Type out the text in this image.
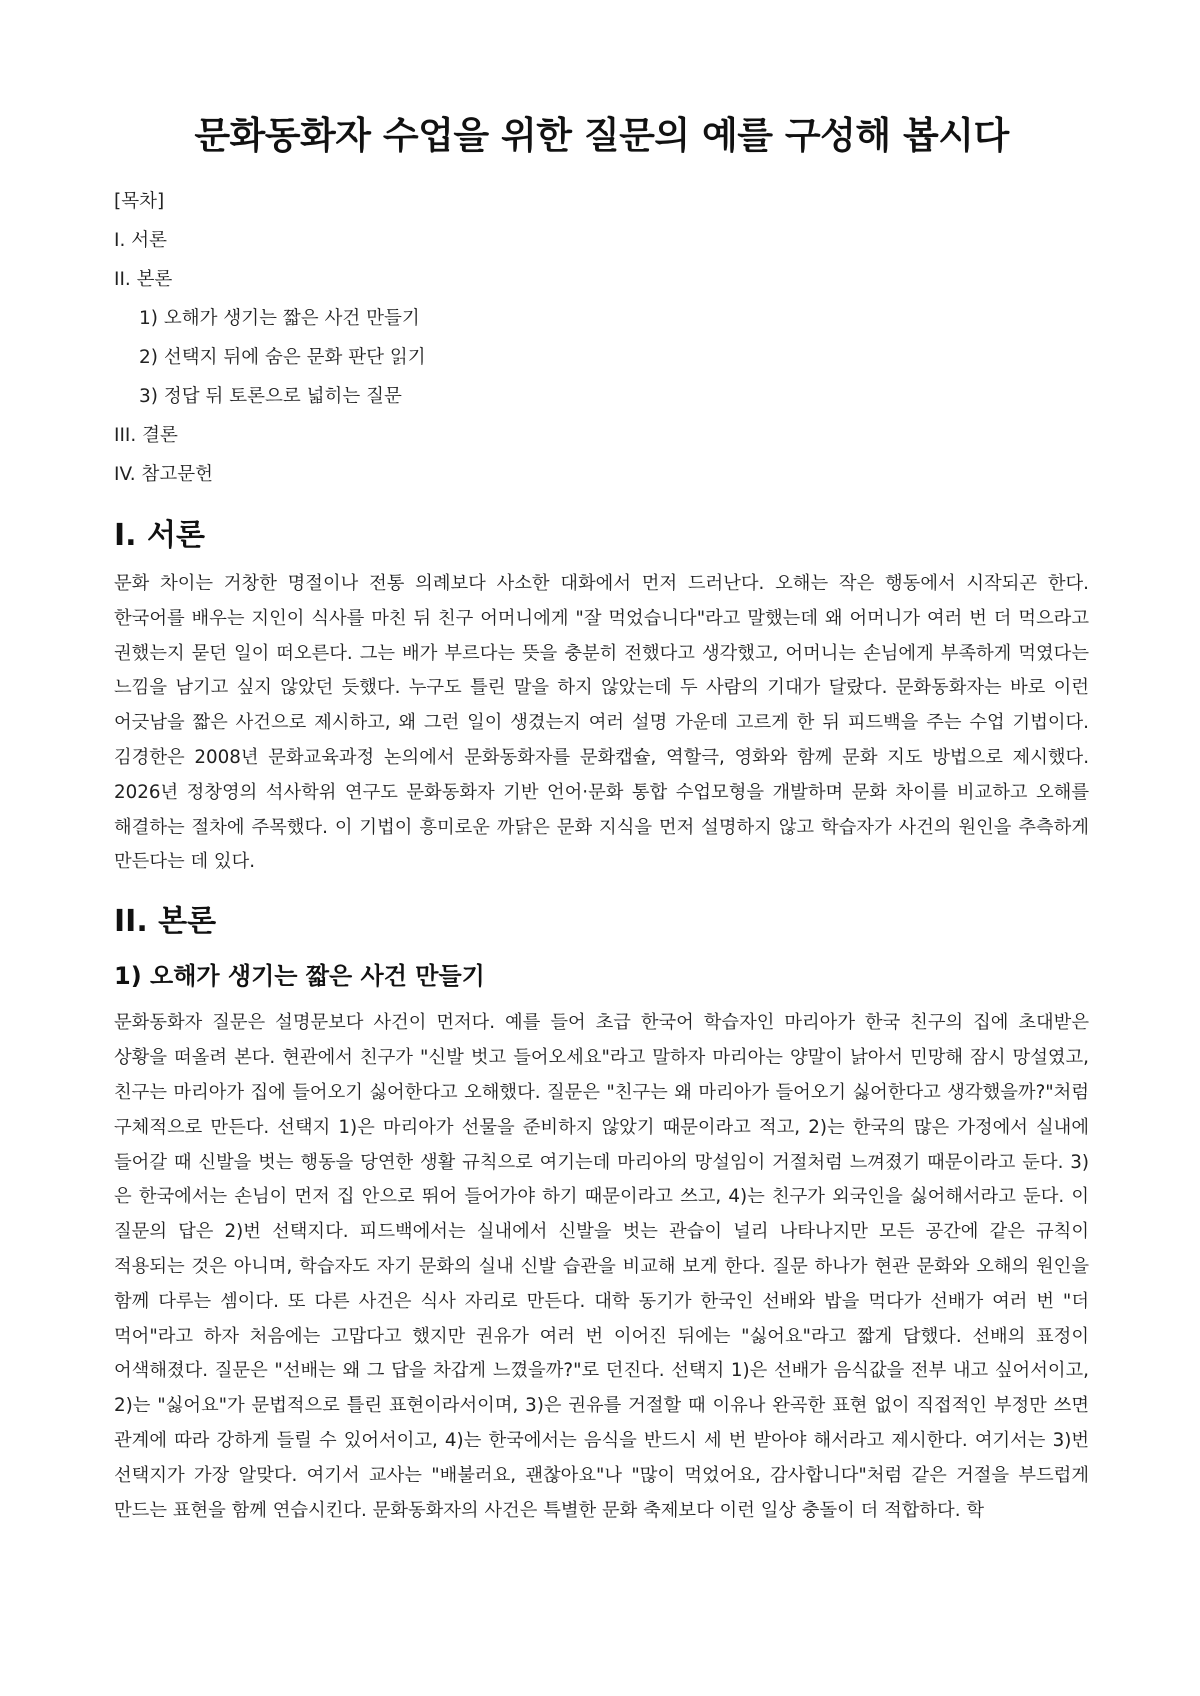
문화동화자 수업을 위한 질문의 예를 구성해 봅시다
[목차]
I. 서론
II. 본론
1) 오해가 생기는 짧은 사건 만들기
2) 선택지 뒤에 숨은 문화 판단 읽기
3) 정답 뒤 토론으로 넓히는 질문
III. 결론
IV. 참고문헌
I. 서론

문화 차이는 거창한 명절이나 전통 의례보다 사소한 대화에서 먼저 드러난다. 오해는 작은 행동에서 시작되곤 한다. 한국어를 배우는 지인이 식사를 마친 뒤 친구 어머니에게 "잘 먹었습니다"라고 말했는데 왜 어머니가 여러 번 더 먹으라고 권했는지 묻던 일이 떠오른다. 그는 배가 부르다는 뜻을 충분히 전했다고 생각했고, 어머니는 손님에게 부족하게 먹였다는 느낌을 남기고 싶지 않았던 듯했다. 누구도 틀린 말을 하지 않았는데 두 사람의 기대가 달랐다. 문화동화자는 바로 이런 어긋남을 짧은 사건으로 제시하고, 왜 그런 일이 생겼는지 여러 설명 가운데 고르게 한 뒤 피드백을 주는 수업 기법이다. 김경한은 2008년 문화교육과정 논의에서 문화동화자를 문화캡슐, 역할극, 영화와 함께 문화 지도 방법으로 제시했다. 2026년 정창영의 석사학위 연구도 문화동화자 기반 언어·문화 통합 수업모형을 개발하며 문화 차이를 비교하고 오해를 해결하는 절차에 주목했다. 이 기법이 흥미로운 까닭은 문화 지식을 먼저 설명하지 않고 학습자가 사건의 원인을 추측하게 만든다는 데 있다.

II. 본론
1) 오해가 생기는 짧은 사건 만들기

문화동화자 질문은 설명문보다 사건이 먼저다. 예를 들어 초급 한국어 학습자인 마리아가 한국 친구의 집에 초대받은 상황을 떠올려 본다. 현관에서 친구가 "신발 벗고 들어오세요"라고 말하자 마리아는 양말이 낡아서 민망해 잠시 망설였고, 친구는 마리아가 집에 들어오기 싫어한다고 오해했다. 질문은 "친구는 왜 마리아가 들어오기 싫어한다고 생각했을까?"처럼 구체적으로 만든다. 선택지 1)은 마리아가 선물을 준비하지 않았기 때문이라고 적고, 2)는 한국의 많은 가정에서 실내에 들어갈 때 신발을 벗는 행동을 당연한 생활 규칙으로 여기는데 마리아의 망설임이 거절처럼 느껴졌기 때문이라고 둔다. 3)은 한국에서는 손님이 먼저 집 안으로 뛰어 들어가야 하기 때문이라고 쓰고, 4)는 친구가 외국인을 싫어해서라고 둔다. 이 질문의 답은 2)번 선택지다. 피드백에서는 실내에서 신발을 벗는 관습이 널리 나타나지만 모든 공간에 같은 규칙이 적용되는 것은 아니며, 학습자도 자기 문화의 실내 신발 습관을 비교해 보게 한다. 질문 하나가 현관 문화와 오해의 원인을 함께 다루는 셈이다. 또 다른 사건은 식사 자리로 만든다. 대학 동기가 한국인 선배와 밥을 먹다가 선배가 여러 번 "더 먹어"라고 하자 처음에는 고맙다고 했지만 권유가 여러 번 이어진 뒤에는 "싫어요"라고 짧게 답했다. 선배의 표정이 어색해졌다. 질문은 "선배는 왜 그 답을 차갑게 느꼈을까?"로 던진다. 선택지 1)은 선배가 음식값을 전부 내고 싶어서이고, 2)는 "싫어요"가 문법적으로 틀린 표현이라서이며, 3)은 권유를 거절할 때 이유나 완곡한 표현 없이 직접적인 부정만 쓰면 관계에 따라 강하게 들릴 수 있어서이고, 4)는 한국에서는 음식을 반드시 세 번 받아야 해서라고 제시한다. 여기서는 3)번 선택지가 가장 알맞다. 여기서 교사는 "배불러요, 괜찮아요"나 "많이 먹었어요, 감사합니다"처럼 같은 거절을 부드럽게 만드는 표현을 함께 연습시킨다. 문화동화자의 사건은 특별한 문화 축제보다 이런 일상 충돌이 더 적합하다. 학
